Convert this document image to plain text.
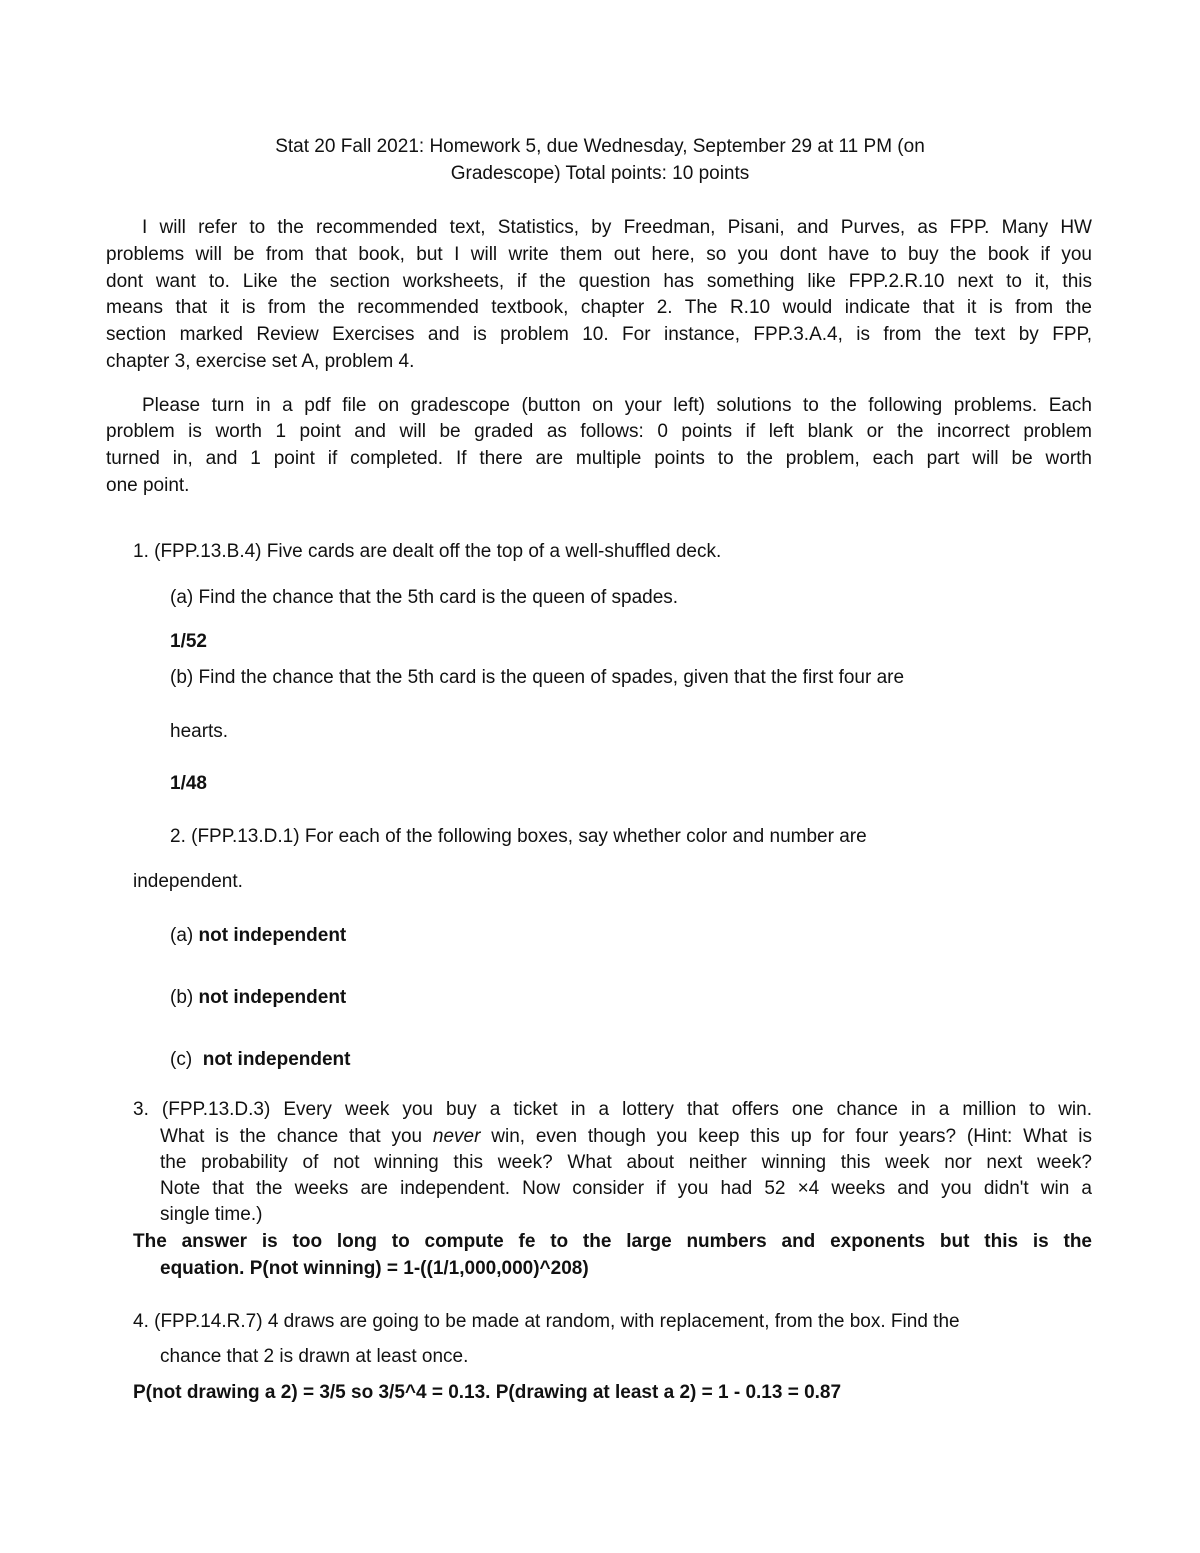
Stat 20 Fall 2021: Homework 5, due Wednesday, September 29 at 11 PM (on
Gradescope) Total points: 10 points
I will refer to the recommended text, Statistics, by Freedman, Pisani, and Purves, as FPP. Many HW
problems will be from that book, but I will write them out here, so you dont have to buy the book if you
dont want to. Like the section worksheets, if the question has something like FPP.2.R.10 next to it, this
means that it is from the recommended textbook, chapter 2. The R.10 would indicate that it is from the
section marked Review Exercises and is problem 10. For instance, FPP.3.A.4, is from the text by FPP,
chapter 3, exercise set A, problem 4.
Please turn in a pdf file on gradescope (button on your left) solutions to the following problems. Each
problem is worth 1 point and will be graded as follows: 0 points if left blank or the incorrect problem
turned in, and 1 point if completed. If there are multiple points to the problem, each part will be worth
one point.
1. (FPP.13.B.4) Five cards are dealt off the top of a well-shuffled deck.
(a) Find the chance that the 5th card is the queen of spades.
1/52
(b) Find the chance that the 5th card is the queen of spades, given that the first four are
hearts.
1/48
2. (FPP.13.D.1) For each of the following boxes, say whether color and number are
independent.
(a) not independent
(b) not independent
(c)  not independent
3. (FPP.13.D.3) Every week you buy a ticket in a lottery that offers one chance in a million to win.
What is the chance that you never win, even though you keep this up for four years? (Hint: What is
the probability of not winning this week? What about neither winning this week nor next week?
Note that the weeks are independent. Now consider if you had 52 ×4 weeks and you didn't win a
single time.)
The answer is too long to compute fe to the large numbers and exponents but this is the
equation. P(not winning) = 1-((1/1,000,000)^208)
4. (FPP.14.R.7) 4 draws are going to be made at random, with replacement, from the box. Find the
chance that 2 is drawn at least once.
P(not drawing a 2) = 3/5 so 3/5^4 = 0.13. P(drawing at least a 2) = 1 - 0.13 = 0.87
